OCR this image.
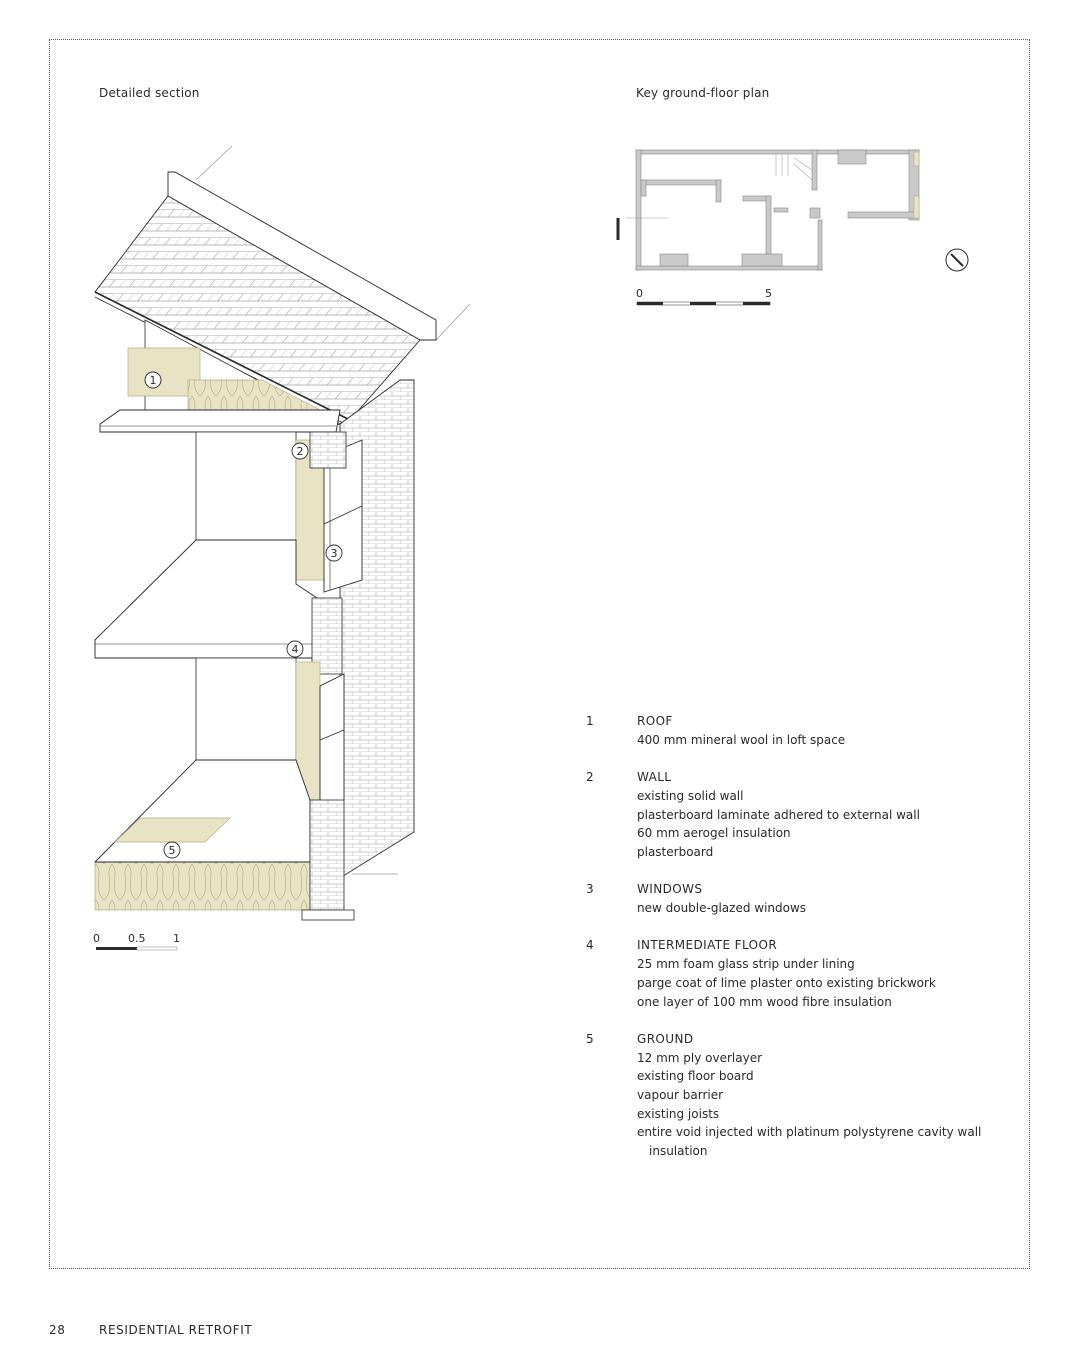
Detailed section	Key ground-floor plan
0	0.5	1
1
2
3
4
5
0	5
1	ROOF
400 mm mineral wool in loft space
2	WALL
existing solid wall
plasterboard laminate adhered to external wall
60 mm aerogel insulation
plasterboard
3	WINDOWS
new double-glazed windows
4	INTERMEDIATE FLOOR
25 mm foam glass strip under lining
parge coat of lime plaster onto existing brickwork
one layer of 100 mm wood fibre insulation
5	GROUND
12 mm ply overlayer
existing floor board
vapour barrier
existing joists
entire void injected with platinum polystyrene cavity wall
insulation
28	RESIDENTIAL RETROFIT
